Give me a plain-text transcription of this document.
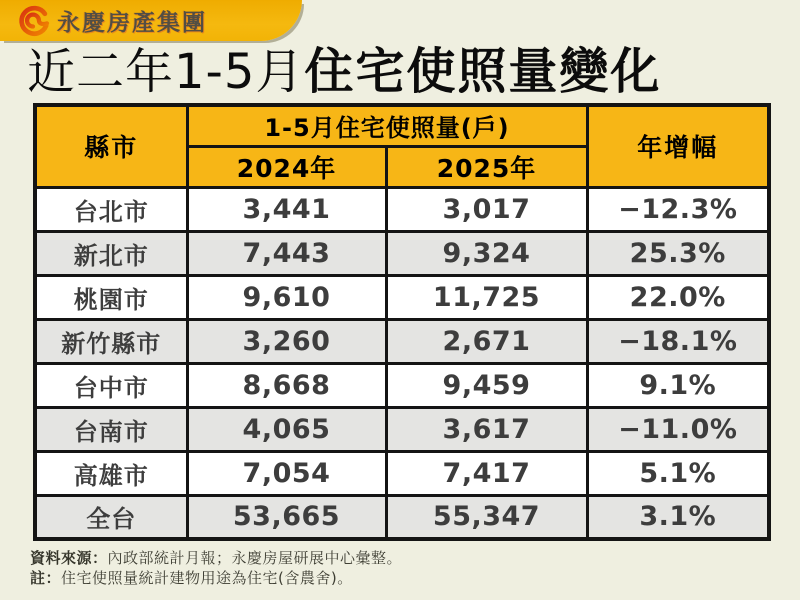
永慶房產集團
近二年1-5月住宅使照量變化
縣市	1-5月住宅使照量(戶)		年增幅
	2024年	2025年	
台北市	3,441	3,017	−12.3%
新北市	7,443	9,324	25.3%
桃園市	9,610	11,725	22.0%
新竹縣市	3,260	2,671	−18.1%
台中市	8,668	9,459	9.1%
台南市	4,065	3,617	−11.0%
高雄市	7,054	7,417	5.1%
全台	53,665	55,347	3.1%

資料來源：內政部統計月報；永慶房屋研展中心彙整。

註：住宅使照量統計建物用途為住宅(含農舍)。
